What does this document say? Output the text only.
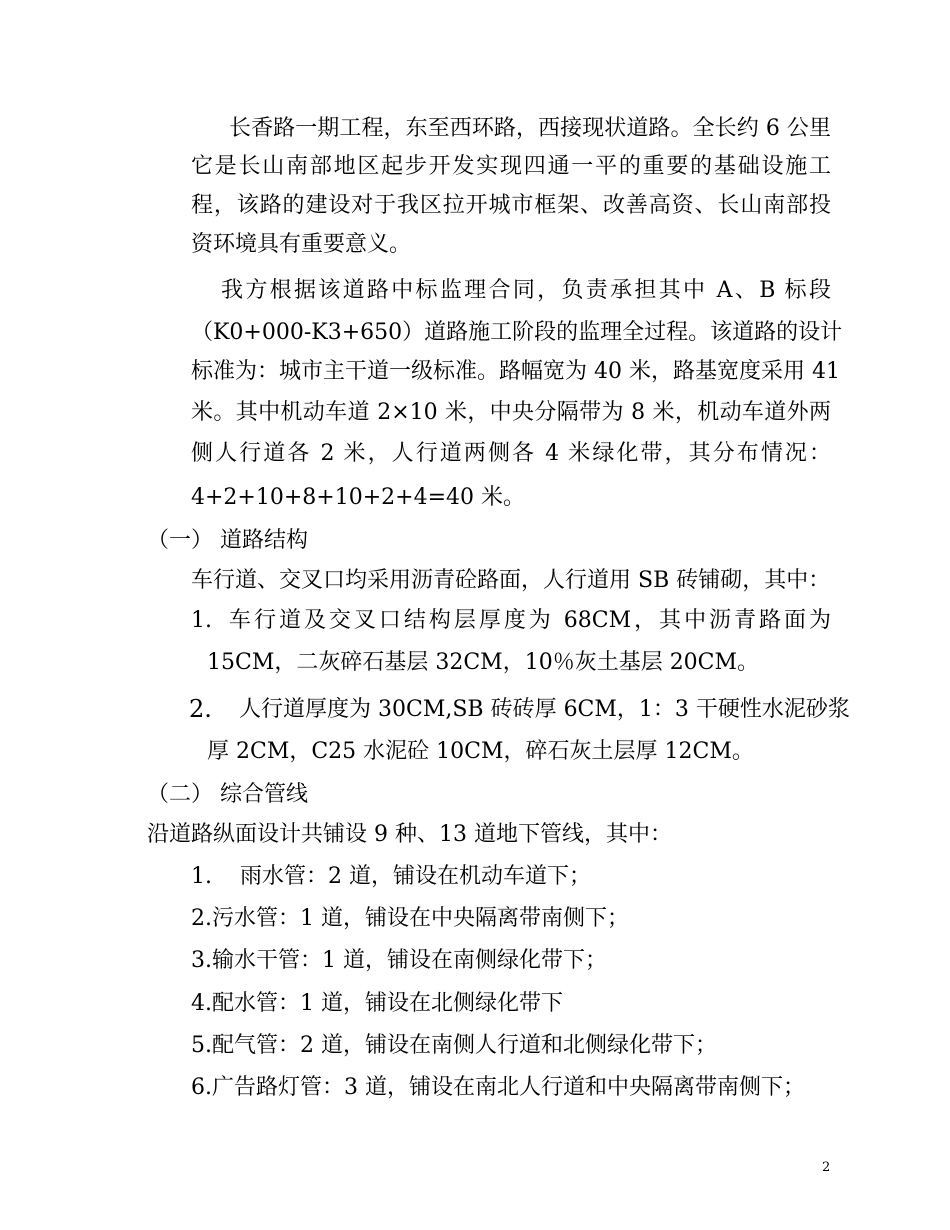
长香路一期工程，东至西环路，西接现状道路。全长约 6 公里
它是长山南部地区起步开发实现四通一平的重要的基础设施工
程，该路的建设对于我区拉开城市框架、改善高资、长山南部投
资环境具有重要意义。
我方根据该道路中标监理合同，负责承担其中 A、B 标段
（K0+000-K3+650）道路施工阶段的监理全过程。该道路的设计
标准为：城市主干道一级标准。路幅宽为 40 米，路基宽度采用 41
米。其中机动车道 2×10 米，中央分隔带为 8 米，机动车道外两
侧人行道各 2 米，人行道两侧各 4 米绿化带，其分布情况：
4+2+10+8+10+2+4=40 米。
（一） 道路结构
车行道、交叉口均采用沥青砼路面，人行道用 SB 砖铺砌，其中：
1. 车行道及交叉口结构层厚度为 68CM，其中沥青路面为
15CM，二灰碎石基层 32CM，10％灰土基层 20CM。
2. 人行道厚度为 30CM,SB 砖砖厚 6CM，1：3 干硬性水泥砂浆
厚 2CM，C25 水泥砼 10CM，碎石灰土层厚 12CM。
（二） 综合管线
沿道路纵面设计共铺设 9 种、13 道地下管线，其中：
1. 雨水管：2 道，铺设在机动车道下；
2.污水管：1 道，铺设在中央隔离带南侧下；
3.输水干管：1 道，铺设在南侧绿化带下；
4.配水管：1 道，铺设在北侧绿化带下
5.配气管：2 道，铺设在南侧人行道和北侧绿化带下；
6.广告路灯管：3 道，铺设在南北人行道和中央隔离带南侧下；
2
